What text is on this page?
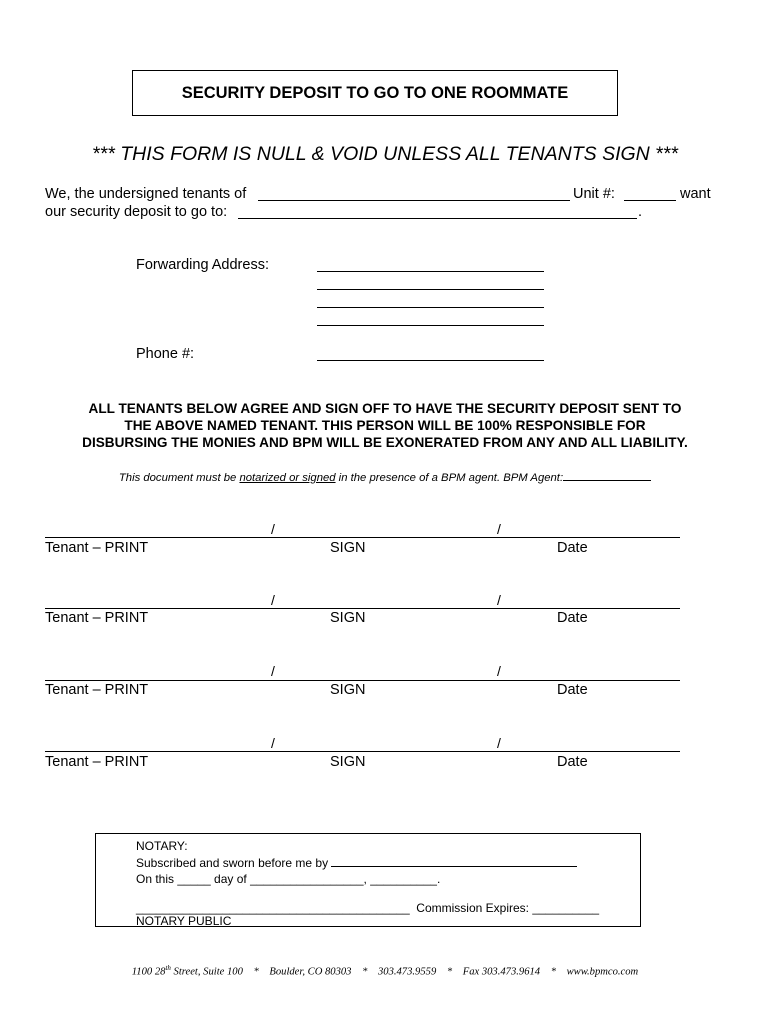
SECURITY DEPOSIT TO GO TO ONE ROOMMATE
*** THIS FORM IS NULL & VOID UNLESS ALL TENANTS SIGN ***
We, the undersigned tenants of	Unit #:	want
our security deposit to go to:	.
Forwarding Address:
Phone #:
ALL TENANTS BELOW AGREE AND SIGN OFF TO HAVE THE SECURITY DEPOSIT SENT TO
THE ABOVE NAMED TENANT. THIS PERSON WILL BE 100% RESPONSIBLE FOR
DISBURSING THE MONIES AND BPM WILL BE EXONERATED FROM ANY AND ALL LIABILITY.
This document must be notarized or signed in the presence of a BPM agent. BPM Agent:
/	/
Tenant – PRINT	SIGN	Date
/	/
Tenant – PRINT	SIGN	Date
/	/
Tenant – PRINT	SIGN	Date
/	/
Tenant – PRINT	SIGN	Date
NOTARY:
Subscribed and sworn before me by
On this _____ day of _________________, __________.
_________________________________________  Commission Expires: __________
NOTARY PUBLIC
1100 28th Street, Suite 100 * Boulder, CO 80303 * 303.473.9559 * Fax 303.473.9614 * www.bpmco.com
